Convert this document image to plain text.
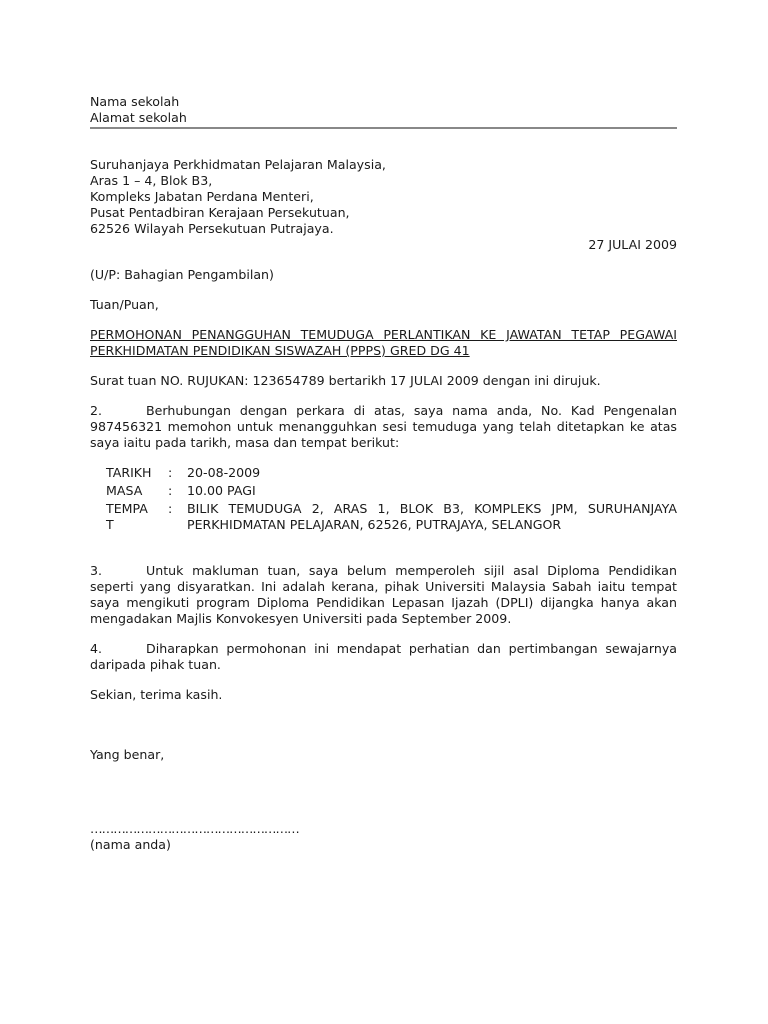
Nama sekolah

Alamat sekolah

Suruhanjaya Perkhidmatan Pelajaran Malaysia,

Aras 1 – 4, Blok B3,

Kompleks Jabatan Perdana Menteri,

Pusat Pentadbiran Kerajaan Persekutuan,

62526 Wilayah Persekutuan Putrajaya.

27 JULAI 2009

(U/P: Bahagian Pengambilan)

Tuan/Puan,

PERMOHONAN PENANGGUHAN TEMUDUGA PERLANTIKAN KE JAWATAN TETAP PEGAWAI
PERKHIDMATAN PENDIDIKAN SISWAZAH (PPPS) GRED DG 41

Surat tuan NO. RUJUKAN: 123654789 bertarikh 17 JULAI 2009 dengan ini dirujuk.

2.	Berhubungan dengan perkara di atas, saya nama anda, No. Kad Pengenalan 987456321 memohon untuk menangguhkan sesi temuduga yang telah ditetapkan ke atas saya iaitu pada tarikh, masa dan tempat berikut:

TARIKH	:	20-08-2009
MASA	:	10.00 PAGI

TEMPA
T	:	BILIK TEMUDUGA 2, ARAS 1, BLOK B3, KOMPLEKS JPM, SURUHANJAYA
PERKHIDMATAN PELAJARAN, 62526, PUTRAJAYA, SELANGOR

3.	Untuk makluman tuan, saya belum memperoleh sijil asal Diploma Pendidikan seperti yang disyaratkan. Ini adalah kerana, pihak Universiti Malaysia Sabah iaitu tempat saya mengikuti program Diploma Pendidikan Lepasan Ijazah (DPLI) dijangka hanya akan mengadakan Majlis Konvokesyen Universiti pada September 2009.

4.	Diharapkan permohonan ini mendapat perhatian dan pertimbangan sewajarnya daripada pihak tuan.

Sekian, terima kasih.

Yang benar,

………………………………………………

(nama anda)
